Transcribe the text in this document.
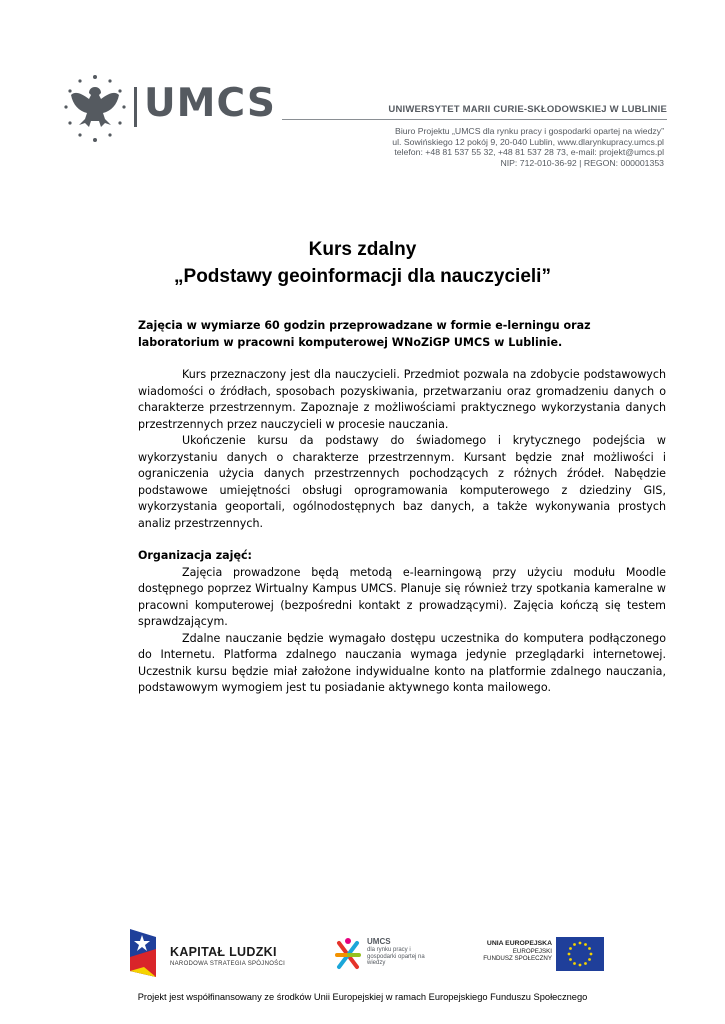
UMCS	UNIWERSYTET MARII CURIE-SKŁODOWSKIEJ W LUBLINIE
Biuro Projektu „UMCS dla rynku pracy i gospodarki opartej na wiedzy”
ul. Sowińskiego 12 pokój 9, 20-040 Lublin, www.dlarynkupracy.umcs.pl
telefon: +48 81 537 55 32, +48 81 537 28 73, e-mail: projekt@umcs.pl
NIP: 712-010-36-92 | REGON: 000001353
Kurs zdalny
„Podstawy geoinformacji dla nauczycieli”

Zajęcia w wymiarze 60 godzin przeprowadzane w formie e-lerningu oraz laboratorium w pracowni komputerowej WNoZiGP UMCS w Lublinie.

Kurs przeznaczony jest dla nauczycieli. Przedmiot pozwala na zdobycie podstawowych wiadomości o źródłach, sposobach pozyskiwania, przetwarzaniu oraz gromadzeniu danych o charakterze przestrzennym. Zapoznaje z możliwościami praktycznego wykorzystania danych przestrzennych przez nauczycieli w procesie nauczania.

Ukończenie kursu da podstawy do świadomego i krytycznego podejścia w wykorzystaniu danych o charakterze przestrzennym. Kursant będzie znał możliwości i ograniczenia użycia danych przestrzennych pochodzących z różnych źródeł. Nabędzie podstawowe umiejętności obsługi oprogramowania komputerowego z dziedziny GIS, wykorzystania geoportali, ogólnodostępnych baz danych, a także wykonywania prostych analiz przestrzennych.

Organizacja zajęć:

Zajęcia prowadzone będą metodą e-learningową przy użyciu modułu Moodle dostępnego poprzez Wirtualny Kampus UMCS. Planuje się również trzy spotkania kameralne w pracowni komputerowej (bezpośredni kontakt z prowadzącymi). Zajęcia kończą się testem sprawdzającym.

Zdalne nauczanie będzie wymagało dostępu uczestnika do komputera podłączonego do Internetu. Platforma zdalnego nauczania wymaga jedynie przeglądarki internetowej. Uczestnik kursu będzie miał założone indywidualne konto na platformie zdalnego nauczania, podstawowym wymogiem jest tu posiadanie aktywnego konta mailowego.

KAPITAŁ LUDZKI
NARODOWA STRATEGIA SPÓJNOŚCI
UMCS
dla rynku pracy i gospodarki opartej na wiedzy
UNIA EUROPEJSKA
EUROPEJSKI
FUNDUSZ SPOŁECZNY
Projekt jest współfinansowany ze środków Unii Europejskiej w ramach Europejskiego Funduszu Społecznego
